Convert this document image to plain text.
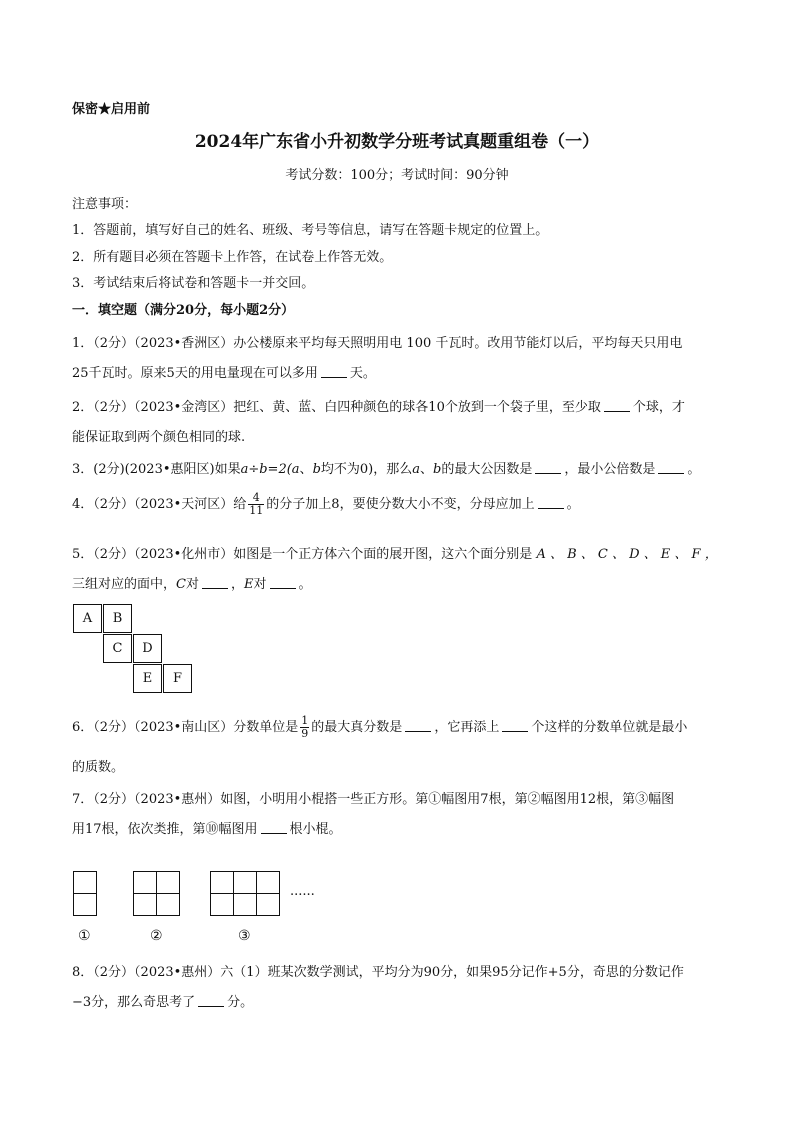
保密★启用前
2024年广东省小升初数学分班考试真题重组卷（一）
考试分数：100分；考试时间：90分钟
注意事项：
1．答题前，填写好自己的姓名、班级、考号等信息，请写在答题卡规定的位置上。
2．所有题目必须在答题卡上作答，在试卷上作答无效。
3．考试结束后将试卷和答题卡一并交回。
一．填空题（满分20分，每小题2分）
1．（2分）（2023•香洲区）办公楼原来平均每天照明用电 100 千瓦时。改用节能灯以后，平均每天只用电
25千瓦时。原来5天的用电量现在可以多用 天。
2．（2分）（2023•金湾区）把红、黄、蓝、白四种颜色的球各10个放到一个袋子里，至少取 个球，才
能保证取到两个颜色相同的球.
3．(2分)(2023•惠阳区)如果a÷b=2(a、b均不为0)，那么a、b的最大公因数是 ，最小公倍数是 。
4．（2分）（2023•天河区）给 $\frac{4}{11}$ 的分子加上8，要使分数大小不变，分母应加上 。
5．（2分）（2023•化州市）如图是一个正方体六个面的展开图，这六个面分别是 A 、 B 、 C 、 D 、 E 、 F ，
三组对应的面中，C对 ，E对 。
A	B
C	D
E	F
6．（2分）（2023•南山区）分数单位是 $\frac{1}{9}$ 的最大真分数是 ，它再添上 个这样的分数单位就是最小
的质数。
7．（2分）（2023•惠州）如图，小明用小棍搭一些正方形。第①幅图用7根，第②幅图用12根，第③幅图
用17根，依次类推，第⑩幅图用 根小棍。
......
①	②	③
8．（2分）（2023•惠州）六（1）班某次数学测试，平均分为90分，如果95分记作+5分，奇思的分数记作
−3分，那么奇思考了 分。
